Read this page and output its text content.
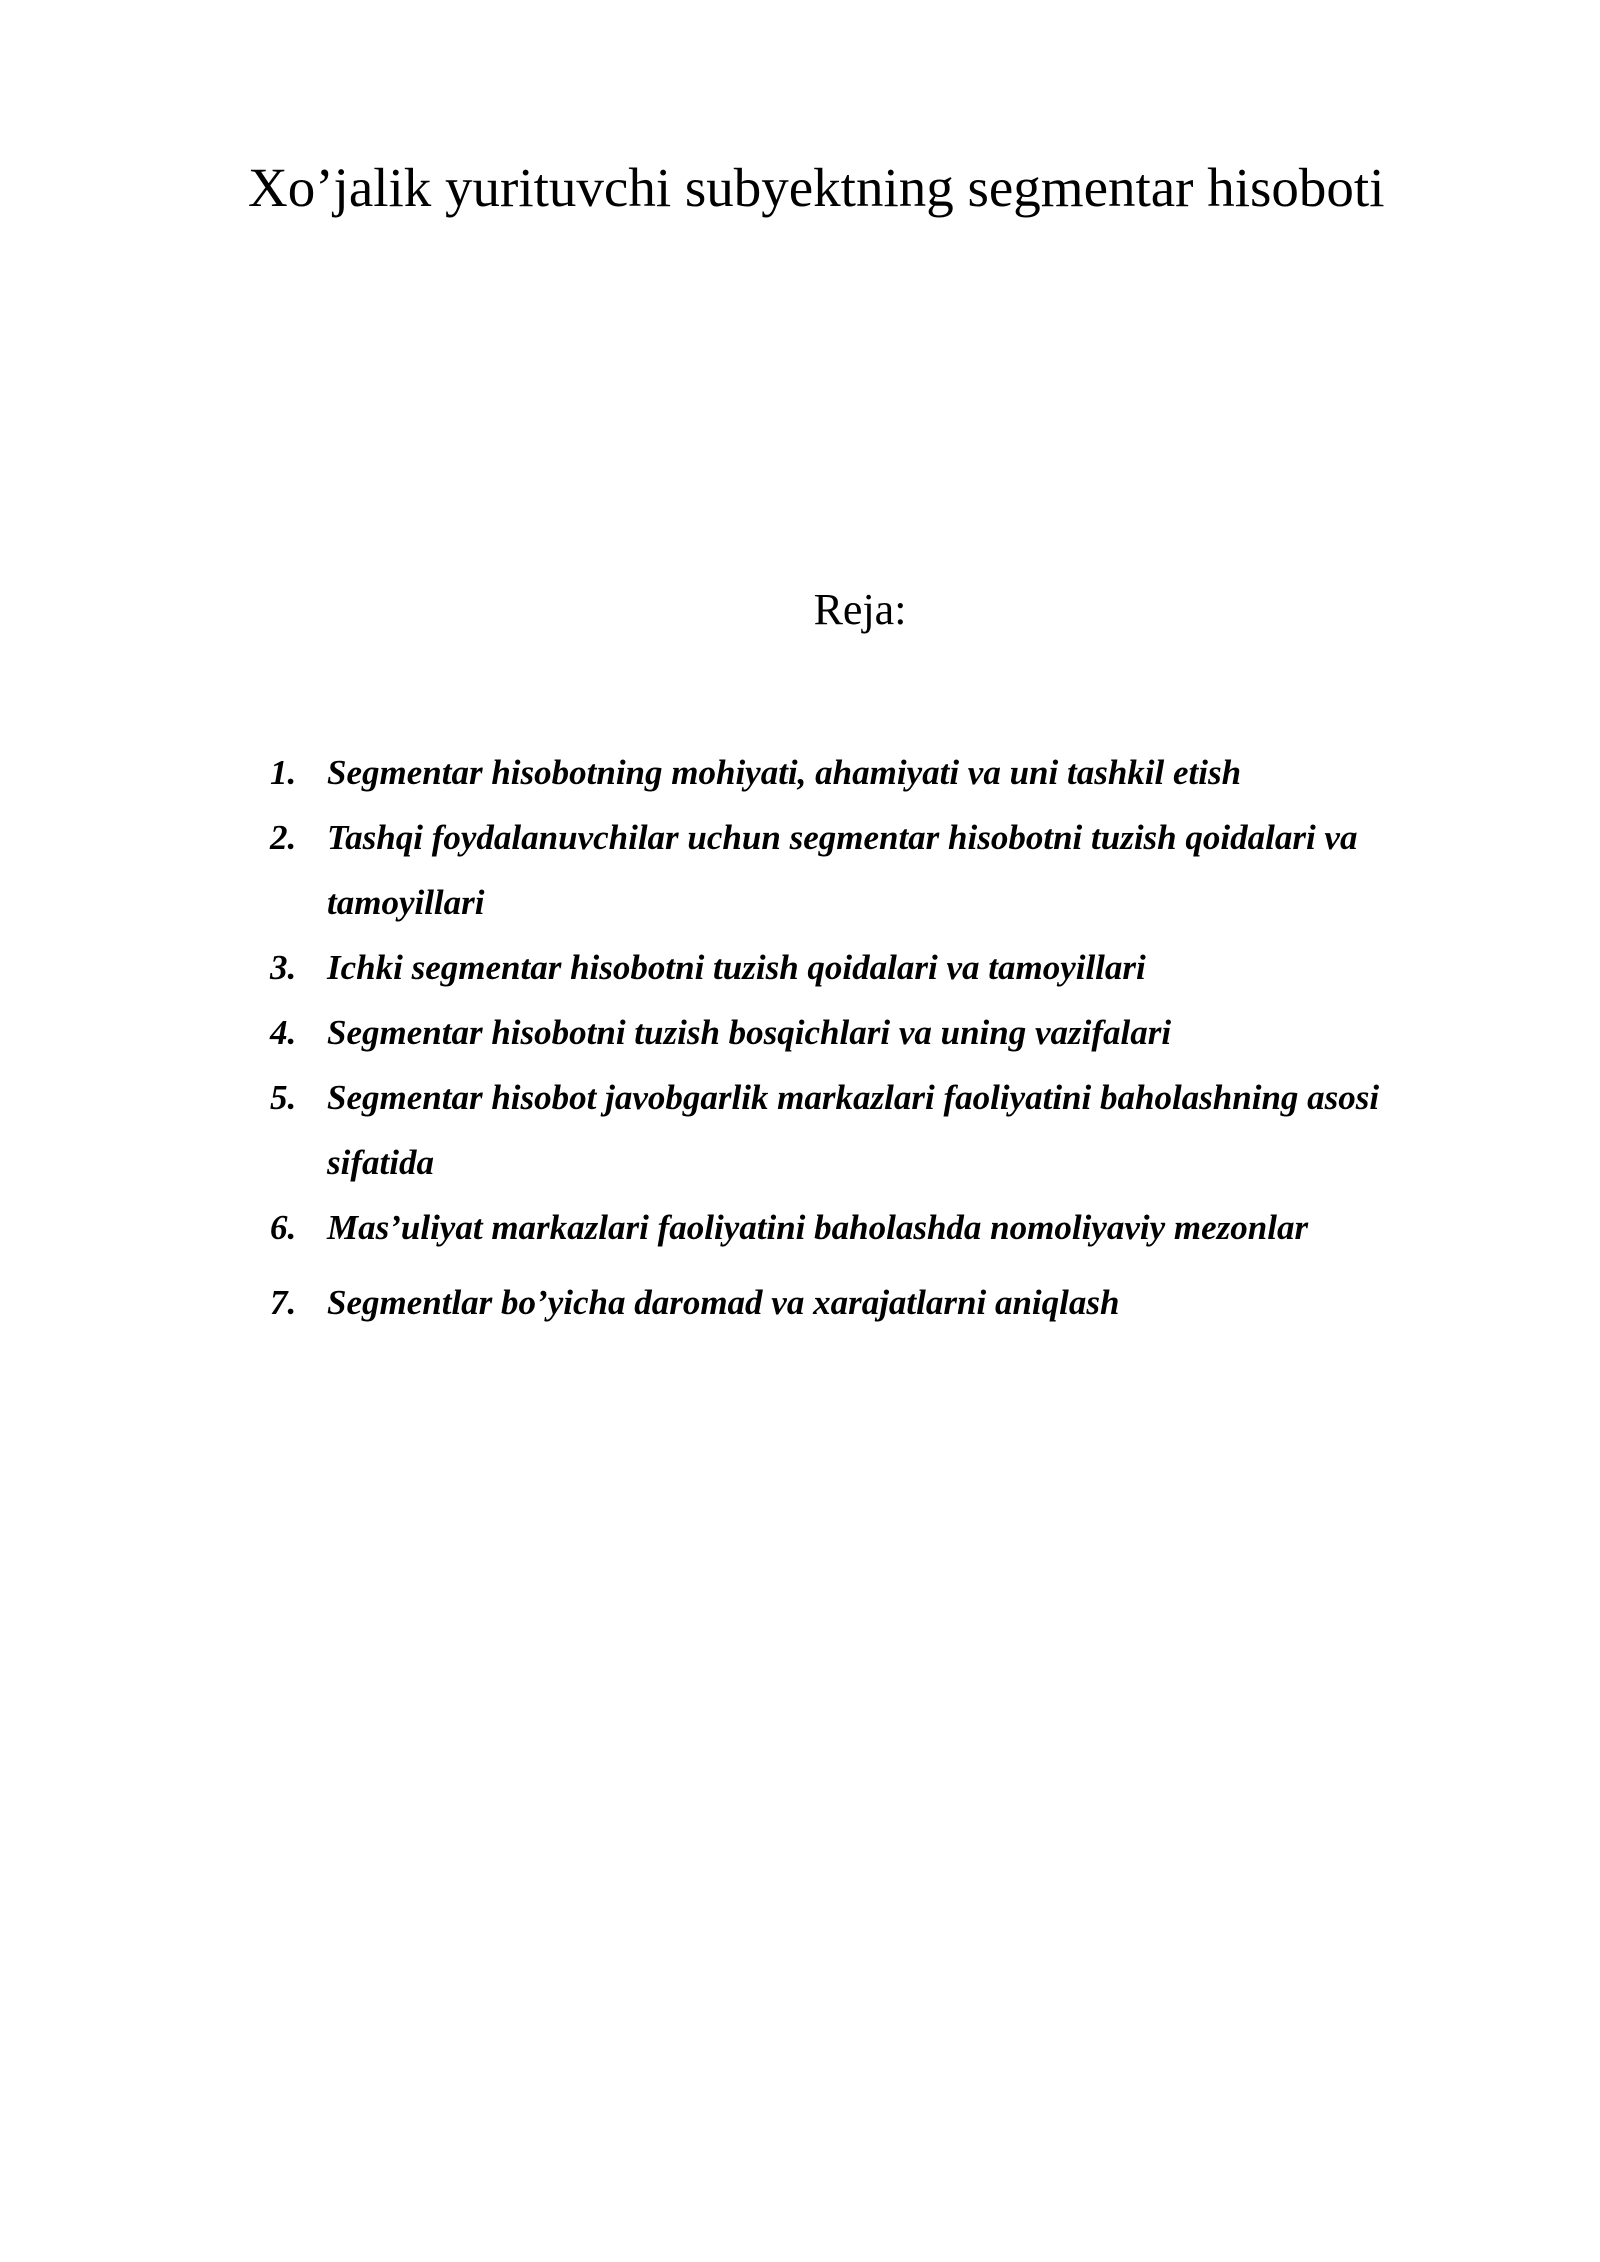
Xo’jalik yurituvchi subyektning segmentar hisoboti
Reja:
1. Segmentar hisobotning mohiyati, ahamiyati va uni tashkil etish
2. Tashqi foydalanuvchilar uchun segmentar hisobotni tuzish qoidalari va tamoyillari
3. Ichki segmentar hisobotni tuzish qoidalari va tamoyillari
4. Segmentar hisobotni tuzish bosqichlari va uning vazifalari
5. Segmentar hisobot javobgarlik markazlari faoliyatini baholashning asosi sifatida
6. Mas’uliyat markazlari faoliyatini baholashda nomoliyaviy mezonlar
7. Segmentlar bo’yicha daromad va xarajatlarni aniqlash
